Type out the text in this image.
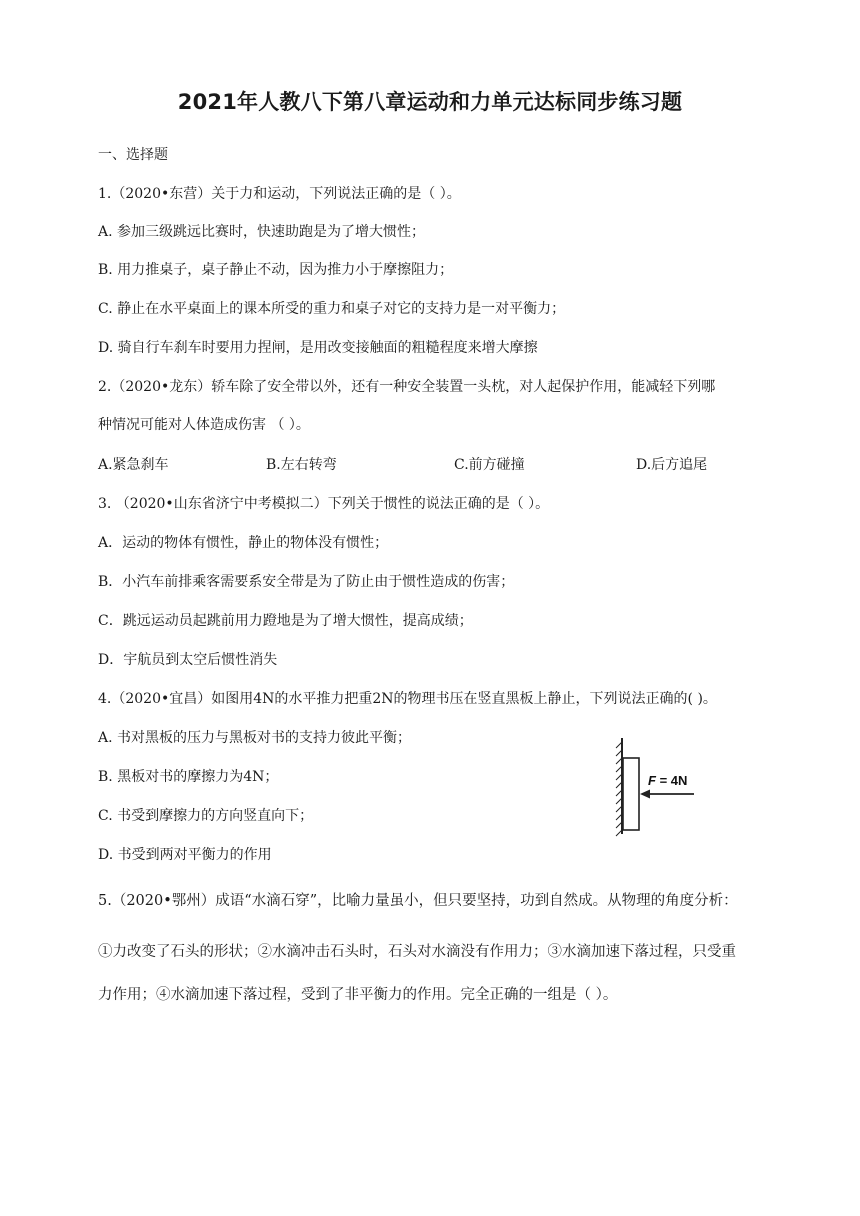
2021年人教八下第八章运动和力单元达标同步练习题
一、选择题
1.（2020•东营）关于力和运动，下列说法正确的是（ ）。
A. 参加三级跳远比赛时，快速助跑是为了增大惯性；
B. 用力推桌子，桌子静止不动，因为推力小于摩擦阻力；
C. 静止在水平桌面上的课本所受的重力和桌子对它的支持力是一对平衡力；
D. 骑自行车刹车时要用力捏闸，是用改变接触面的粗糙程度来增大摩擦
2.（2020•龙东）轿车除了安全带以外，还有一种安全装置一头枕，对人起保护作用，能减轻下列哪
种情况可能对人体造成伤害 （ ）。
A.紧急刹车	B.左右转弯	C.前方碰撞	D.后方追尾
3. （2020•山东省济宁中考模拟二）下列关于惯性的说法正确的是（ ）。
A．运动的物体有惯性，静止的物体没有惯性；
B．小汽车前排乘客需要系安全带是为了防止由于惯性造成的伤害；
C．跳远运动员起跳前用力蹬地是为了增大惯性，提高成绩；
D．宇航员到太空后惯性消失
4.（2020•宜昌）如图用4N的水平推力把重2N的物理书压在竖直黑板上静止，下列说法正确的( )。
A. 书对黑板的压力与黑板对书的支持力彼此平衡；
B. 黑板对书的摩擦力为4N；
C. 书受到摩擦力的方向竖直向下；
D. 书受到两对平衡力的作用
F = 4N
5.（2020•鄂州）成语“水滴石穿”，比喻力量虽小，但只要坚持，功到自然成。从物理的角度分析：
①力改变了石头的形状；②水滴冲击石头时，石头对水滴没有作用力；③水滴加速下落过程，只受重
力作用；④水滴加速下落过程，受到了非平衡力的作用。完全正确的一组是（ ）。
